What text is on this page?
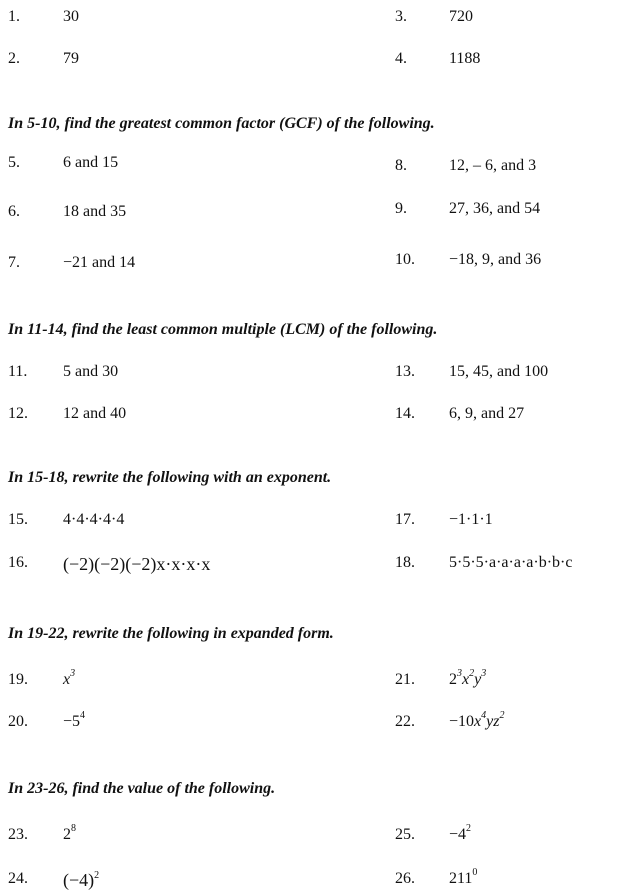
1.	30	3.	720
2.	79	4.	1188
In 5-10, find the greatest common factor (GCF) of the following.
5.	6 and 15	8.	12, – 6, and 3
6.	18 and 35	9.	27, 36, and 54
7.	−21 and 14	10. −18, 9, and 36
In 11-14, find the least common multiple (LCM) of the following.
11. 5 and 30	13. 15, 45, and 100
12. 12 and 40	14. 6, 9, and 27
In 15-18, rewrite the following with an exponent.
15. 4·4·4·4·4	17. −1·1·1
16. (−2)(−2)(−2)x·x·x·x	18. 5·5·5·a·a·a·a·b·b·c
In 19-22, rewrite the following in expanded form.
19. $x^3$	21. $2^3x^2y^3$
20. $-5^4$	22. $-10x^4yz^2$
In 23-26, find the value of the following.
23. $2^8$	25. $-4^2$
24. $(-4)^2$	26. $211^0$
